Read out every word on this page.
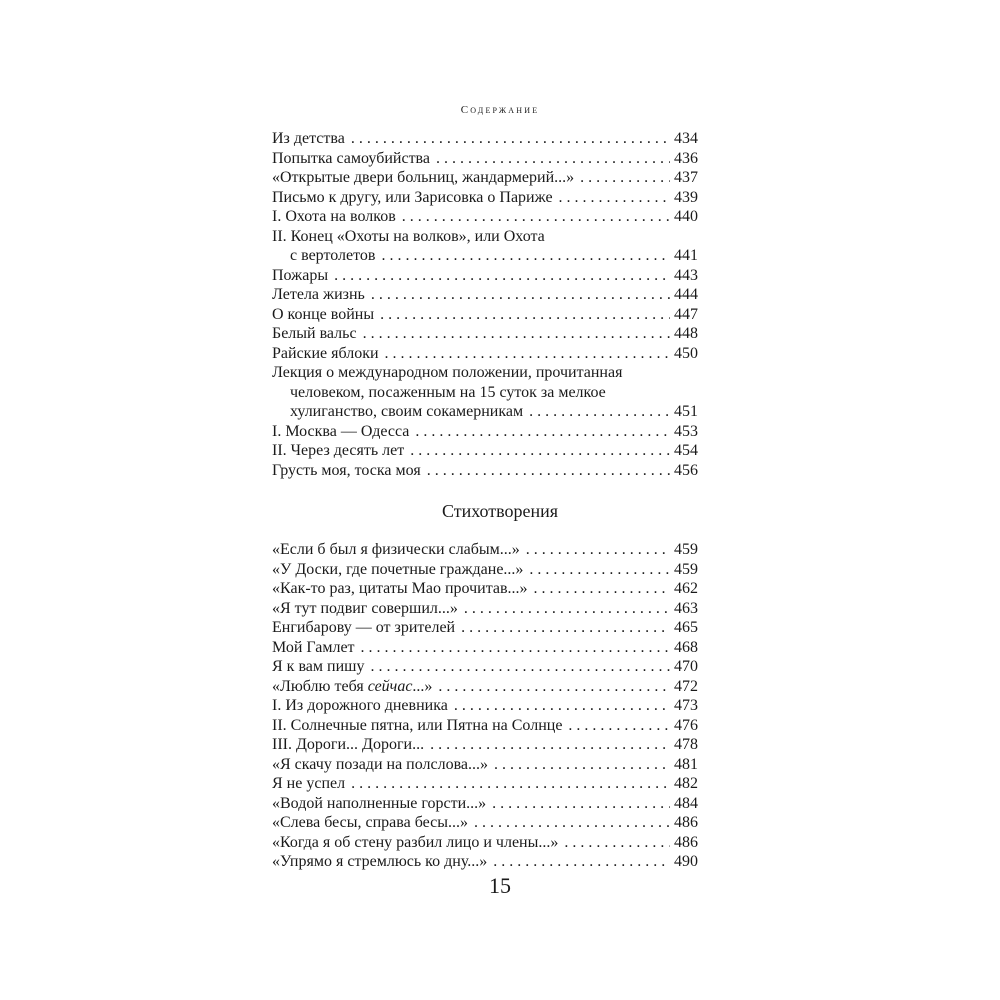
Содержание
Из детства . . .	434
Попытка самоубийства . . .	436
«Открытые двери больниц, жандармерий...» . . .	437
Письмо к другу, или Зарисовка о Париже . . .	439
I. Охота на волков . . .	440
II. Конец «Охоты на волков», или Охота
с вертолетов . . .	441
Пожары . . .	443
Летела жизнь . . .	444
О конце войны . . .	447
Белый вальс . . .	448
Райские яблоки . . .	450
Лекция о международном положении, прочитанная
человеком, посаженным на 15 суток за мелкое
хулиганство, своим сокамерникам . . .	451
I. Москва — Одесса . . .	453
II. Через десять лет . . .	454
Грусть моя, тоска моя . . .	456
Стихотворения
«Если б был я физически слабым...» . . .	459
«У Доски, где почетные граждане...» . . .	459
«Как-то раз, цитаты Мао прочитав...» . . .	462
«Я тут подвиг совершил...» . . .	463
Енгибарову — от зрителей . . .	465
Мой Гамлет . . .	468
Я к вам пишу . . .	470
«Люблю тебя сейчас...» . . .	472
I. Из дорожного дневника . . .	473
II. Солнечные пятна, или Пятна на Солнце . . .	476
III. Дороги... Дороги... . . .	478
«Я скачу позади на полслова...» . . .	481
Я не успел . . .	482
«Водой наполненные горсти...» . . .	484
«Слева бесы, справа бесы...» . . .	486
«Когда я об стену разбил лицо и члены...» . . .	486
«Упрямо я стремлюсь ко дну...» . . .	490
15
